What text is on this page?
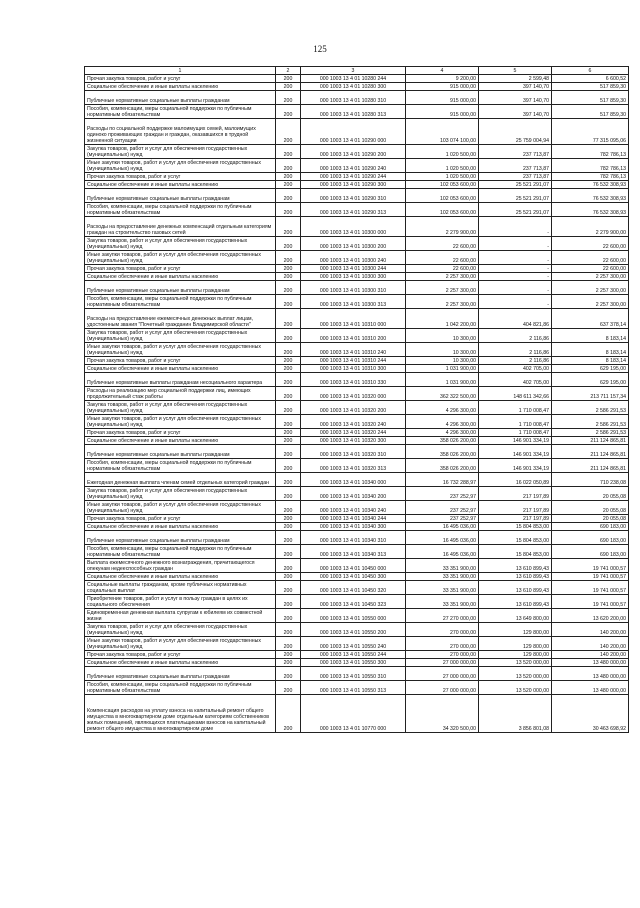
125
1	2	3	4	5	6
Прочая закупка товаров, работ и услуг	200	000 1003 13 4 01 10280 244	9 200,00	2 599,48	6 600,52
Социальное обеспечение и иные выплаты населению	200	000 1003 13 4 01 10280 300	915 000,00	397 140,70	517 859,30
Публичные нормативные социальные выплаты гражданам	200	000 1003 13 4 01 10280 310	915 000,00	397 140,70	517 859,30
Пособия, компенсации, меры социальной поддержки по публичным нормативным обязательствам	200	000 1003 13 4 01 10280 313	915 000,00	397 140,70	517 859,30
Расходы по социальной поддержке малоимущих семей, малоимущих одиноко проживающих граждан и граждан, оказавшихся в трудной жизненной ситуации	200	000 1003 13 4 01 10290 000	103 074 100,00	25 759 004,94	77 315 095,06
Закупка товаров, работ и услуг для обеспечения государственных (муниципальных) нужд	200	000 1003 13 4 01 10290 200	1 020 500,00	237 713,87	782 786,13
Иные закупки товаров, работ и услуг для обеспечения государственных (муниципальных) нужд	200	000 1003 13 4 01 10290 240	1 020 500,00	237 713,87	782 786,13
Прочая закупка товаров, работ и услуг	200	000 1003 13 4 01 10290 244	1 020 500,00	237 713,87	782 786,13
Социальное обеспечение и иные выплаты населению	200	000 1003 13 4 01 10290 300	102 053 600,00	25 521 291,07	76 532 308,93
Публичные нормативные социальные выплаты гражданам	200	000 1003 13 4 01 10290 310	102 053 600,00	25 521 291,07	76 532 308,93
Пособия, компенсации, меры социальной поддержки по публичным нормативным обязательствам	200	000 1003 13 4 01 10290 313	102 053 600,00	25 521 291,07	76 532 308,93
Расходы на предоставление денежных компенсаций отдельным категориям граждан на строительство газовых сетей	200	000 1003 13 4 01 10300 000	2 279 900,00	-	2 279 900,00
Закупка товаров, работ и услуг для обеспечения государственных (муниципальных) нужд	200	000 1003 13 4 01 10300 200	22 600,00	-	22 600,00
Иные закупки товаров, работ и услуг для обеспечения государственных (муниципальных) нужд	200	000 1003 13 4 01 10300 240	22 600,00	-	22 600,00
Прочая закупка товаров, работ и услуг	200	000 1003 13 4 01 10300 244	22 600,00	-	22 600,00
Социальное обеспечение и иные выплаты населению	200	000 1003 13 4 01 10300 300	2 257 300,00	-	2 257 300,00
Публичные нормативные социальные выплаты гражданам	200	000 1003 13 4 01 10300 310	2 257 300,00	-	2 257 300,00
Пособия, компенсации, меры социальной поддержки по публичным нормативным обязательствам	200	000 1003 13 4 01 10300 313	2 257 300,00	-	2 257 300,00
Расходы на предоставление ежемесячных денежных выплат лицам, удостоенным звания "Почетный гражданин Владимирской области"	200	000 1003 13 4 01 10310 000	1 042 200,00	404 821,86	637 378,14
Закупка товаров, работ и услуг для обеспечения государственных (муниципальных) нужд	200	000 1003 13 4 01 10310 200	10 300,00	2 116,86	8 183,14
Иные закупки товаров, работ и услуг для обеспечения государственных (муниципальных) нужд	200	000 1003 13 4 01 10310 240	10 300,00	2 116,86	8 183,14
Прочая закупка товаров, работ и услуг	200	000 1003 13 4 01 10310 244	10 300,00	2 116,86	8 183,14
Социальное обеспечение и иные выплаты населению	200	000 1003 13 4 01 10310 300	1 031 900,00	402 705,00	629 195,00
Публичные нормативные выплаты гражданам несоциального характера	200	000 1003 13 4 01 10310 330	1 031 900,00	402 705,00	629 195,00
Расходы на реализацию мер социальной поддержки лиц, имеющих продолжительный стаж работы	200	000 1003 13 4 01 10320 000	362 322 500,00	148 611 342,66	213 711 157,34
Закупка товаров, работ и услуг для обеспечения государственных (муниципальных) нужд	200	000 1003 13 4 01 10320 200	4 296 300,00	1 710 008,47	2 586 291,53
Иные закупки товаров, работ и услуг для обеспечения государственных (муниципальных) нужд	200	000 1003 13 4 01 10320 240	4 296 300,00	1 710 008,47	2 586 291,53
Прочая закупка товаров, работ и услуг	200	000 1003 13 4 01 10320 244	4 296 300,00	1 710 008,47	2 586 291,53
Социальное обеспечение и иные выплаты населению	200	000 1003 13 4 01 10320 300	358 026 200,00	146 901 334,19	211 124 865,81
Публичные нормативные социальные выплаты гражданам	200	000 1003 13 4 01 10320 310	358 026 200,00	146 901 334,19	211 124 865,81
Пособия, компенсации, меры социальной поддержки по публичным нормативным обязательствам	200	000 1003 13 4 01 10320 313	358 026 200,00	146 901 334,19	211 124 865,81
Ежегодная денежная выплата членам семей отдельных категорий граждан	200	000 1003 13 4 01 10340 000	16 732 288,97	16 022 050,89	710 238,08
Закупка товаров, работ и услуг для обеспечения государственных (муниципальных) нужд	200	000 1003 13 4 01 10340 200	237 252,97	217 197,89	20 055,08
Иные закупки товаров, работ и услуг для обеспечения государственных (муниципальных) нужд	200	000 1003 13 4 01 10340 240	237 252,97	217 197,89	20 055,08
Прочая закупка товаров, работ и услуг	200	000 1003 13 4 01 10340 244	237 252,97	217 197,89	20 055,08
Социальное обеспечение и иные выплаты населению	200	000 1003 13 4 01 10340 300	16 495 036,00	15 804 853,00	690 183,00
Публичные нормативные социальные выплаты гражданам	200	000 1003 13 4 01 10340 310	16 495 036,00	15 804 853,00	690 183,00
Пособия, компенсации, меры социальной поддержки по публичным нормативным обязательствам	200	000 1003 13 4 01 10340 313	16 495 036,00	15 804 853,00	690 183,00
Выплата ежемесячного денежного вознаграждения, причитающегося опекунам недееспособных граждан	200	000 1003 13 4 01 10450 000	33 351 900,00	13 610 899,43	19 741 000,57
Социальное обеспечение и иные выплаты населению	200	000 1003 13 4 01 10450 300	33 351 900,00	13 610 899,43	19 741 000,57
Социальные выплаты гражданам, кроме публичных нормативных социальных выплат	200	000 1003 13 4 01 10450 320	33 351 900,00	13 610 899,43	19 741 000,57
Приобретение товаров, работ и услуг в пользу граждан в целях их социального обеспечения	200	000 1003 13 4 01 10450 323	33 351 900,00	13 610 899,43	19 741 000,57
Единовременная денежная выплата супругам к юбилеям их совместной жизни	200	000 1003 13 4 01 10550 000	27 270 000,00	13 649 800,00	13 620 200,00
Закупка товаров, работ и услуг для обеспечения государственных (муниципальных) нужд	200	000 1003 13 4 01 10550 200	270 000,00	129 800,00	140 200,00
Иные закупки товаров, работ и услуг для обеспечения государственных (муниципальных) нужд	200	000 1003 13 4 01 10550 240	270 000,00	129 800,00	140 200,00
Прочая закупка товаров, работ и услуг	200	000 1003 13 4 01 10550 244	270 000,00	129 800,00	140 200,00
Социальное обеспечение и иные выплаты населению	200	000 1003 13 4 01 10550 300	27 000 000,00	13 520 000,00	13 480 000,00
Публичные нормативные социальные выплаты гражданам	200	000 1003 13 4 01 10550 310	27 000 000,00	13 520 000,00	13 480 000,00
Пособия, компенсации, меры социальной поддержки по публичным нормативным обязательствам	200	000 1003 13 4 01 10550 313	27 000 000,00	13 520 000,00	13 480 000,00
Компенсация расходов на уплату взноса на капитальный ремонт общего имущества в многоквартирном доме отдельным категориям собственников жилых помещений, являющихся плательщиками взносов на капитальный ремонт общего имущества в многоквартирном доме	200	000 1003 13 4 01 10770 000	34 320 500,00	3 856 801,08	30 463 698,92
